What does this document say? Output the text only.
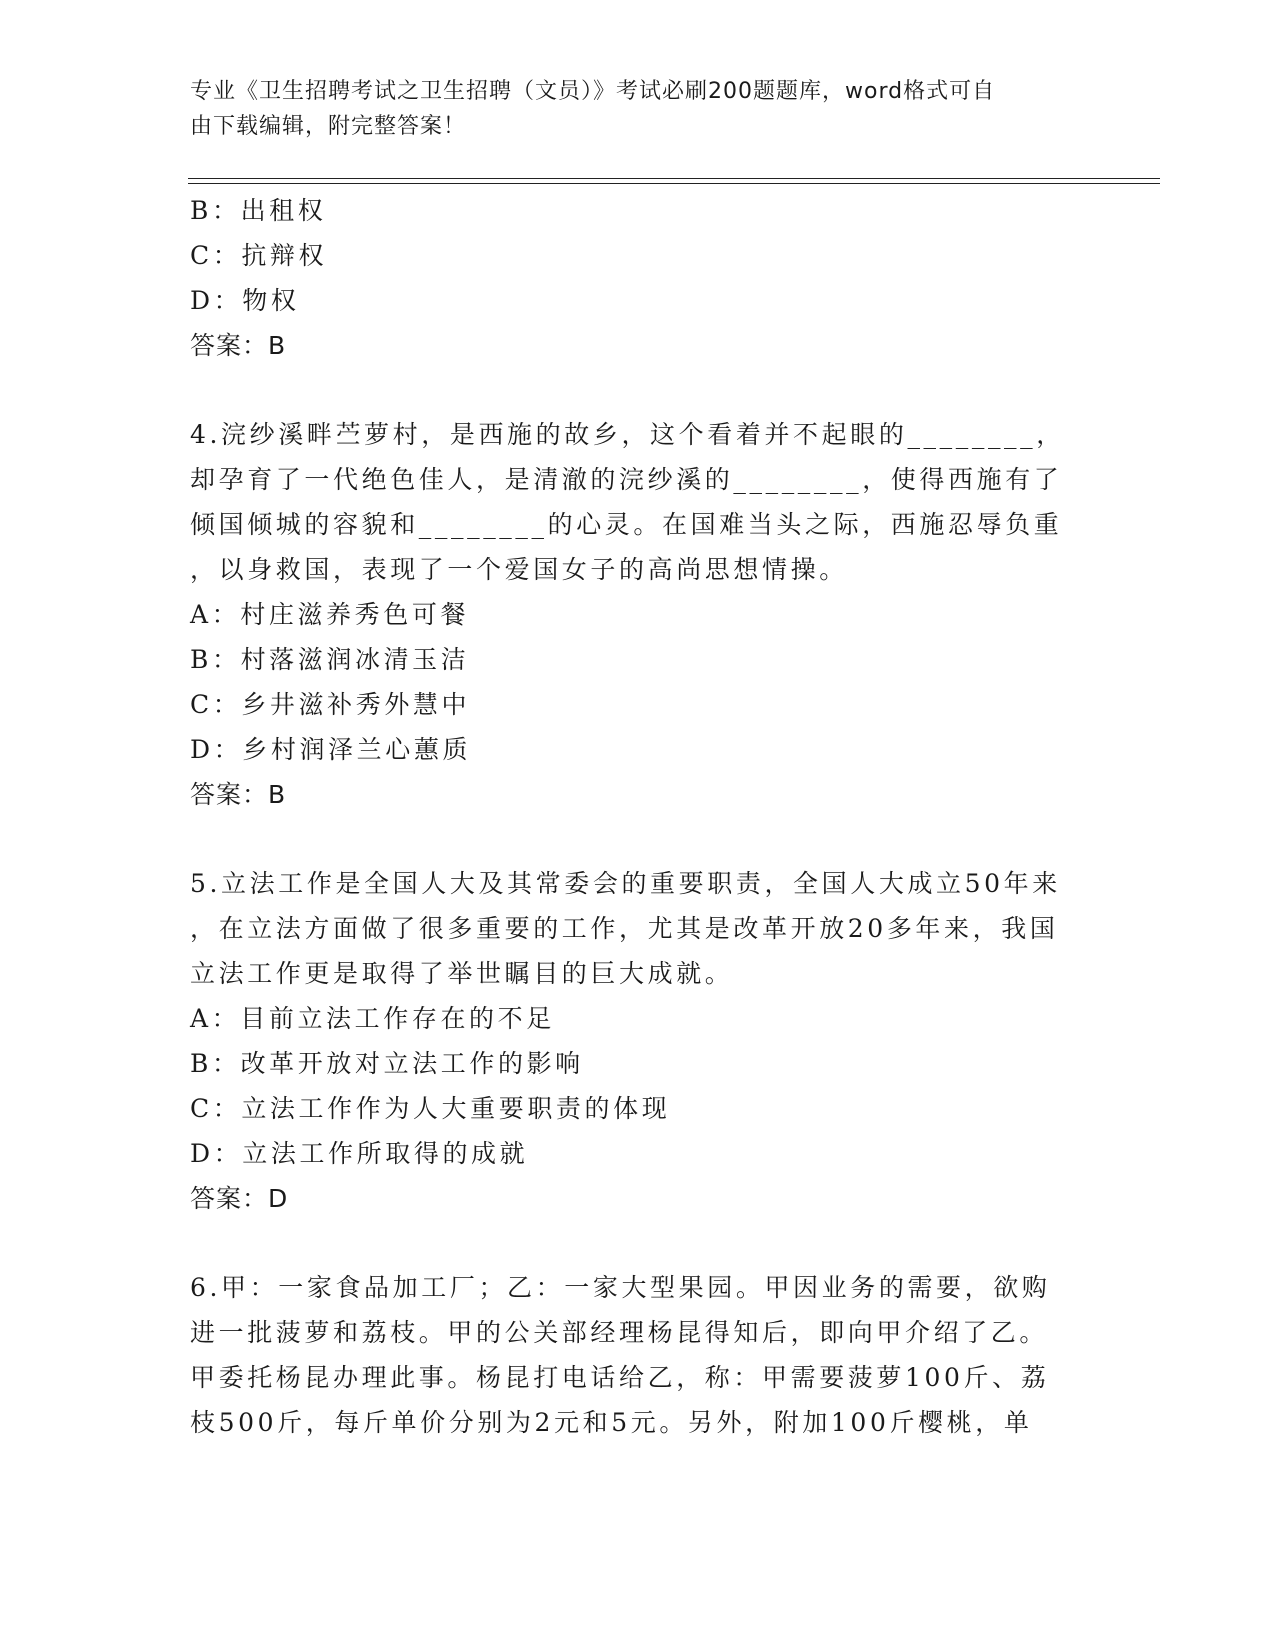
专业《卫生招聘考试之卫生招聘（文员）》考试必刷200题题库，word格式可自
由下载编辑，附完整答案！
B：出租权
C：抗辩权
D：物权
答案：B
4.浣纱溪畔苎萝村，是西施的故乡，这个看着并不起眼的________，
却孕育了一代绝色佳人，是清澈的浣纱溪的________，使得西施有了
倾国倾城的容貌和________的心灵。在国难当头之际，西施忍辱负重
，以身救国，表现了一个爱国女子的高尚思想情操。
A：村庄滋养秀色可餐
B：村落滋润冰清玉洁
C：乡井滋补秀外慧中
D：乡村润泽兰心蕙质
答案：B
5.立法工作是全国人大及其常委会的重要职责，全国人大成立50年来
，在立法方面做了很多重要的工作，尤其是改革开放20多年来，我国
立法工作更是取得了举世瞩目的巨大成就。
A：目前立法工作存在的不足
B：改革开放对立法工作的影响
C：立法工作作为人大重要职责的体现
D：立法工作所取得的成就
答案：D
6.甲：一家食品加工厂；乙：一家大型果园。甲因业务的需要，欲购
进一批菠萝和荔枝。甲的公关部经理杨昆得知后，即向甲介绍了乙。
甲委托杨昆办理此事。杨昆打电话给乙，称：甲需要菠萝100斤、荔
枝500斤，每斤单价分别为2元和5元。另外，附加100斤樱桃，单
